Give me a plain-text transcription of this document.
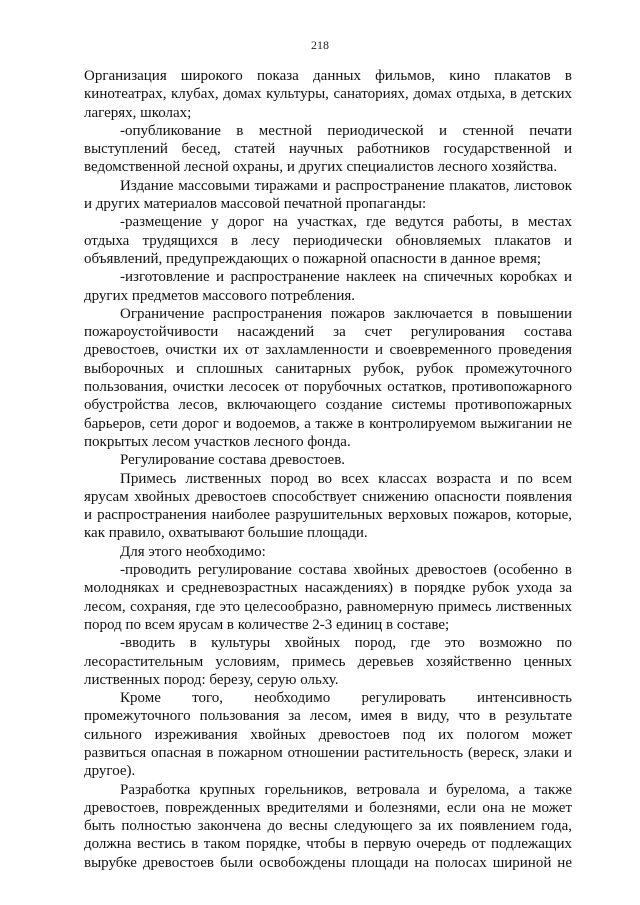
218

Организация широкого показа данных фильмов, кино плакатов в
кинотеатрах, клубах, домах культуры, санаториях, домах отдыха, в детских
лагерях, школах;

-опубликование в местной периодической и стенной печати
выступлений бесед, статей научных работников государственной и
ведомственной лесной охраны, и других специалистов лесного хозяйства.

Издание массовыми тиражами и распространение плакатов, листовок
и других материалов массовой печатной пропаганды:

-размещение у дорог на участках, где ведутся работы, в местах
отдыха трудящихся в лесу периодически обновляемых плакатов и
объявлений, предупреждающих о пожарной опасности в данное время;

-изготовление и распространение наклеек на спичечных коробках и
других предметов массового потребления.

Ограничение распространения пожаров заключается в повышении
пожароустойчивости насаждений за счет регулирования состава
древостоев, очистки их от захламленности и своевременного проведения
выборочных и сплошных санитарных рубок, рубок промежуточного
пользования, очистки лесосек от порубочных остатков, противопожарного
обустройства лесов, включающего создание системы противопожарных
барьеров, сети дорог и водоемов, а также в контролируемом выжигании не
покрытых лесом участков лесного фонда.

Регулирование состава древостоев.

Примесь лиственных пород во всех классах возраста и по всем
ярусам хвойных древостоев способствует снижению опасности появления
и распространения наиболее разрушительных верховых пожаров, которые,
как правило, охватывают большие площади.

Для этого необходимо:

-проводить регулирование состава хвойных древостоев (особенно в
молодняках и средневозрастных насаждениях) в порядке рубок ухода за
лесом, сохраняя, где это целесообразно, равномерную примесь лиственных
пород по всем ярусам в количестве 2-3 единиц в составе;

-вводить в культуры хвойных пород, где это возможно по
лесорастительным условиям, примесь деревьев хозяйственно ценных
лиственных пород: березу, серую ольху.

Кроме того, необходимо регулировать интенсивность
промежуточного пользования за лесом, имея в виду, что в результате
сильного изреживания хвойных древостоев под их пологом может
развиться опасная в пожарном отношении растительность (вереск, злаки и
другое).

Разработка крупных горельников, ветровала и бурелома, а также
древостоев, поврежденных вредителями и болезнями, если она не может
быть полностью закончена до весны следующего за их появлением года,
должна вестись в таком порядке, чтобы в первую очередь от подлежащих
вырубке древостоев были освобождены площади на полосах шириной не
